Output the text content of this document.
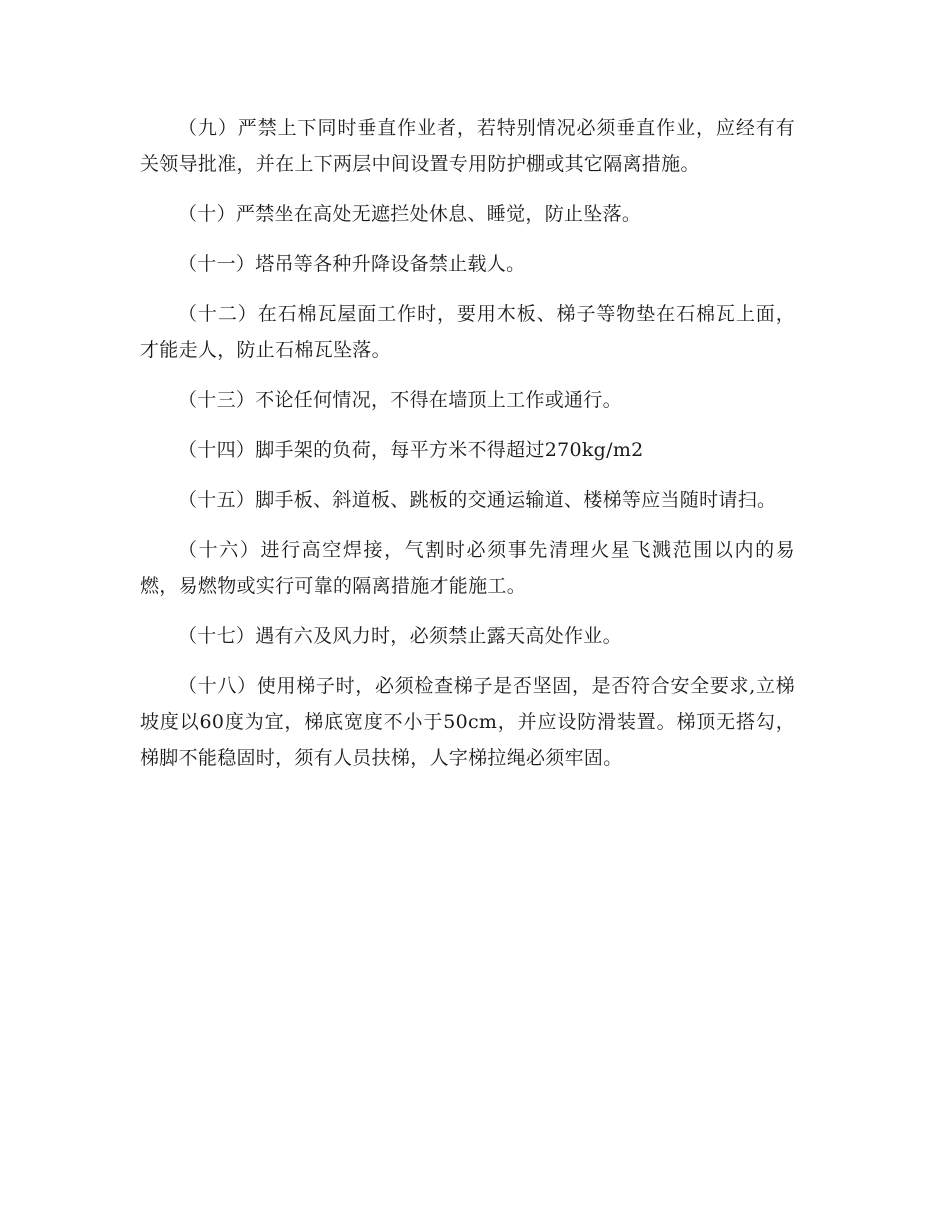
（九）严禁上下同时垂直作业者，若特别情况必须垂直作业，应经有有关领导批准，并在上下两层中间设置专用防护棚或其它隔离措施。

（十）严禁坐在高处无遮拦处休息、睡觉，防止坠落。

（十一）塔吊等各种升降设备禁止载人。

（十二）在石棉瓦屋面工作时，要用木板、梯子等物垫在石棉瓦上面，才能走人，防止石棉瓦坠落。

（十三）不论任何情况，不得在墙顶上工作或通行。

（十四）脚手架的负荷，每平方米不得超过270kg/m2

（十五）脚手板、斜道板、跳板的交通运输道、楼梯等应当随时请扫。

（十六）进行高空焊接，气割时必须事先清理火星飞溅范围以内的易燃，易燃物或实行可靠的隔离措施才能施工。

（十七）遇有六及风力时，必须禁止露天高处作业。

（十八）使用梯子时，必须检查梯子是否坚固，是否符合安全要求,立梯坡度以60度为宜，梯底宽度不小于50cm，并应设防滑装置。梯顶无搭勾，梯脚不能稳固时，须有人员扶梯，人字梯拉绳必须牢固。
